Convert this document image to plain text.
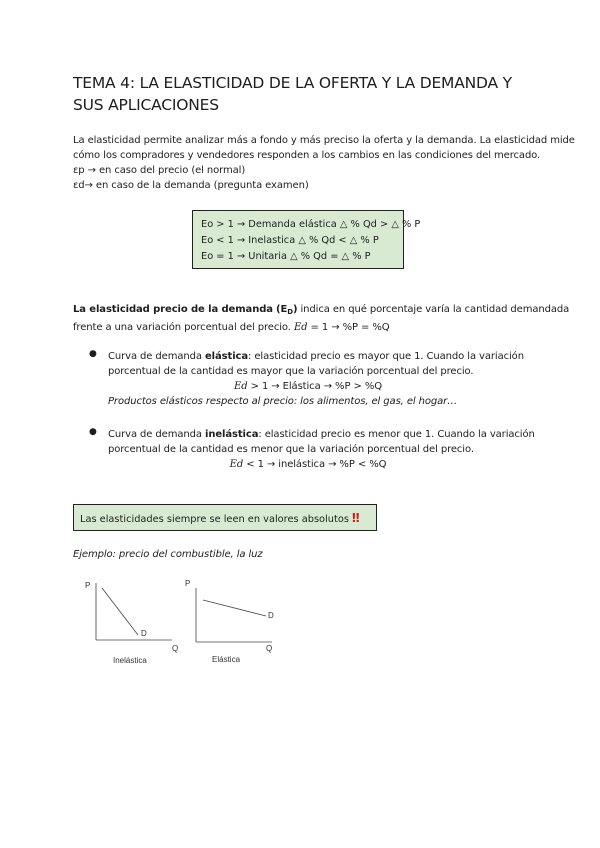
TEMA 4: LA ELASTICIDAD DE LA OFERTA Y LA DEMANDA Y SUS APLICACIONES
La elasticidad permite analizar más a fondo y más preciso la oferta y la demanda. La elasticidad mide
cómo los compradores y vendedores responden a los cambios en las condiciones del mercado.
εp → en caso del precio (el normal)
εd→ en caso de la demanda (pregunta examen)
Eo > 1 → Demanda elástica △ % Qd > △ % P
Eo < 1 → Inelastica △ % Qd < △ % P
Eo = 1 → Unitaria △ % Qd = △ % P
La elasticidad precio de la demanda $(E_D)$ indica en qué porcentaje varía la cantidad demandada
frente a una variación porcentual del precio. Ed = 1 → %P = %Q
● Curva de demanda elástica: elasticidad precio es mayor que 1. Cuando la variación
porcentual de la cantidad es mayor que la variación porcentual del precio.
Ed > 1 → Elástica → %P > %Q
Productos elásticos respecto al precio: los alimentos, el gas, el hogar…
● Curva de demanda inelástica: elasticidad precio es menor que 1. Cuando la variación
porcentual de la cantidad es menor que la variación porcentual del precio.
Ed < 1 → inelástica → %P < %Q
Las elasticidades siempre se leen en valores absolutos ‼
Ejemplo: precio del combustible, la luz
P
D
Q
Inelástica
P
D
Q
Elástica
